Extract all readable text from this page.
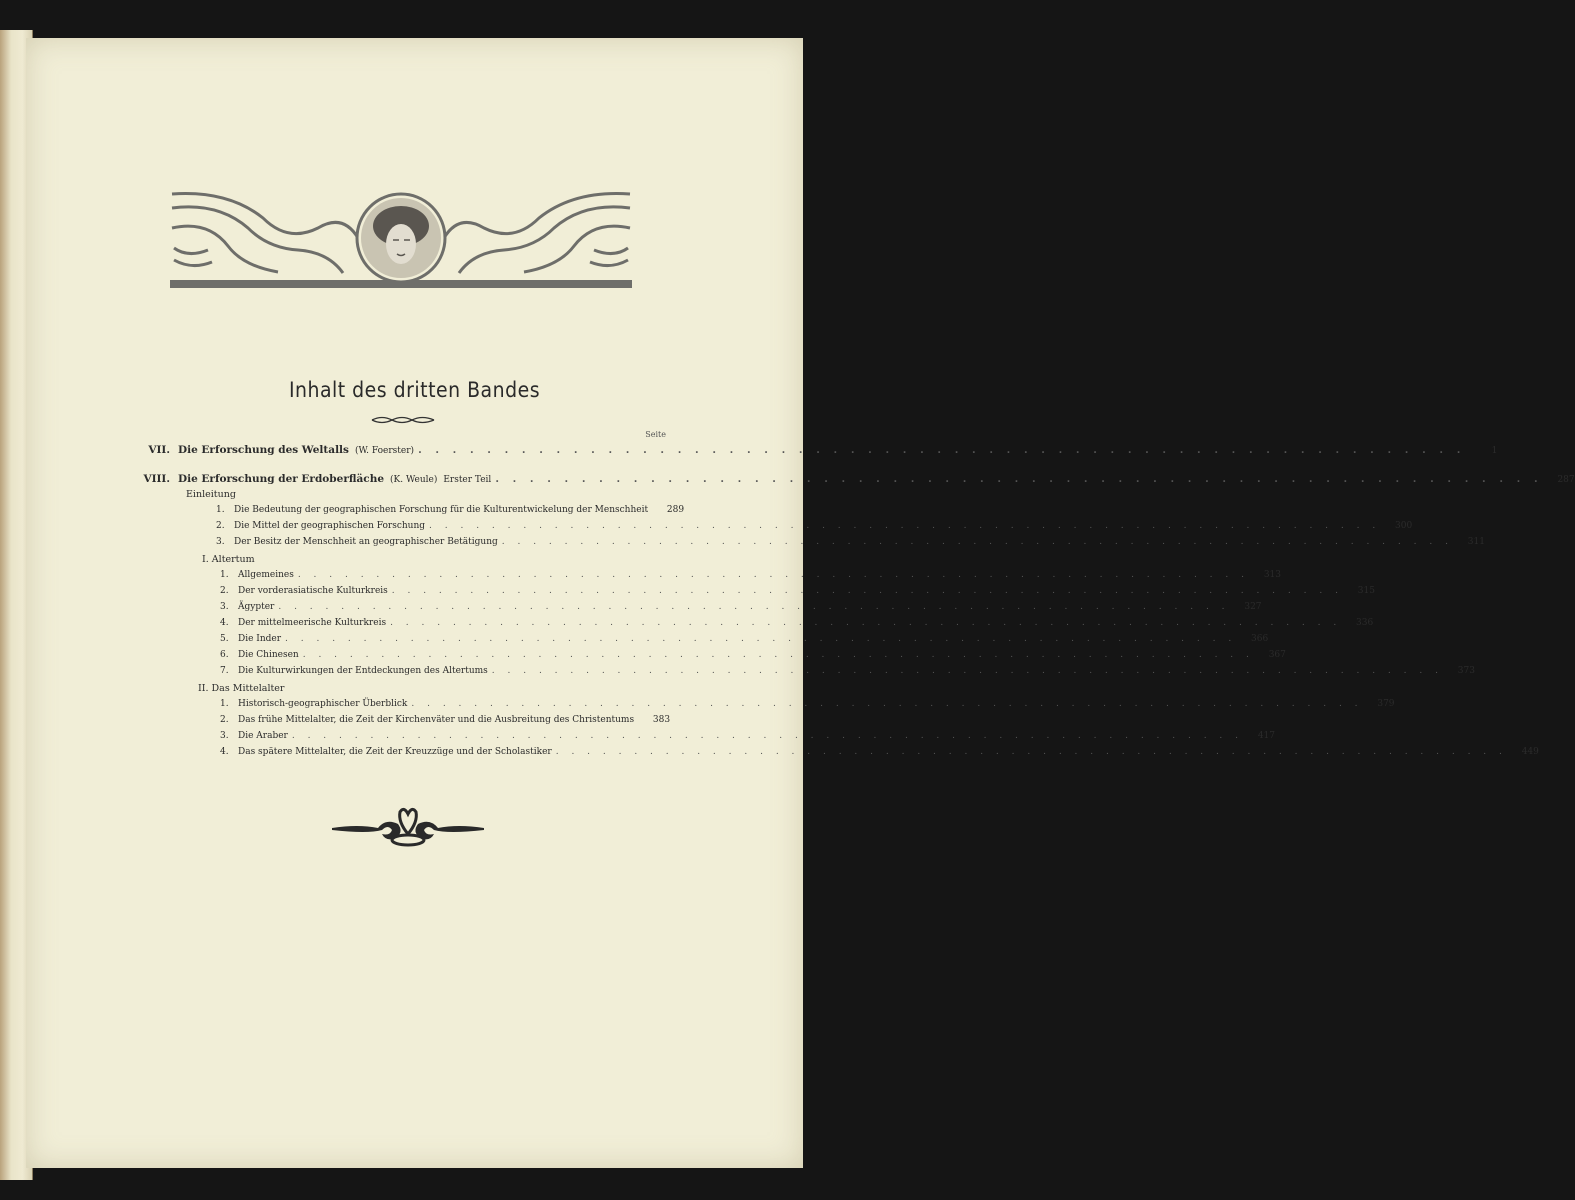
Inhalt des dritten Bandes
Seite
VII. Die Erforschung des Weltalls (W. Foerster) . . .	1
VIII. Die Erforschung der Erdoberfläche (K. Weule) Erster Teil . . .	287
Einleitung
1.	Die Bedeutung der geographischen Forschung für die Kulturentwickelung der Menschheit	289
2.	Die Mittel der geographischen Forschung . . .	300
3.	Der Besitz der Menschheit an geographischer Betätigung . . .	311
I. Altertum
1.	Allgemeines . . .	313
2.	Der vorderasiatische Kulturkreis . . .	315
3.	Ägypter . . .	327
4.	Der mittelmeerische Kulturkreis . . .	336
5.	Die Inder . . .	366
6.	Die Chinesen . . .	367
7.	Die Kulturwirkungen der Entdeckungen des Altertums . . .	373
II. Das Mittelalter
1.	Historisch-geographischer Überblick . . .	379
2.	Das frühe Mittelalter, die Zeit der Kirchenväter und die Ausbreitung des Christentums	383
3.	Die Araber . . .	417
4.	Das spätere Mittelalter, die Zeit der Kreuzzüge und der Scholastiker . . .	449
